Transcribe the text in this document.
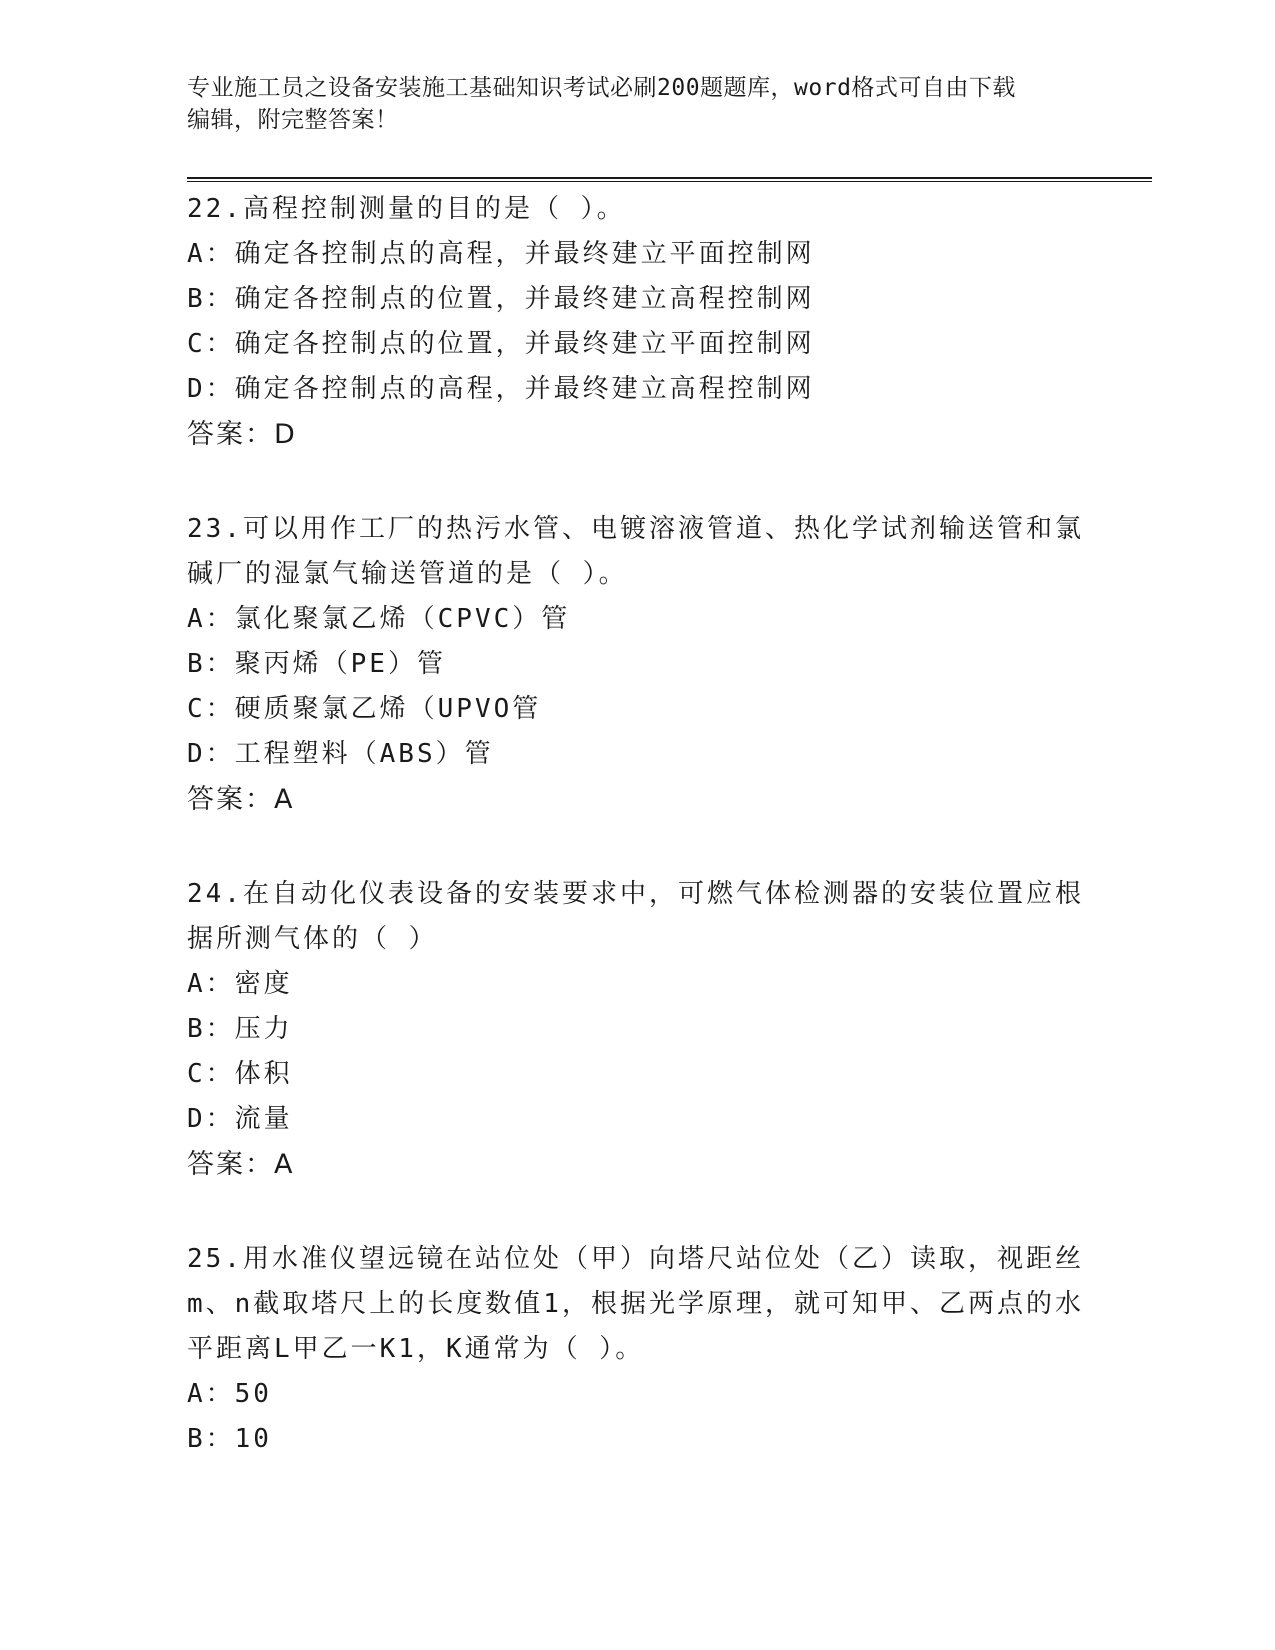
专业施工员之设备安装施工基础知识考试必刷200题题库，word格式可自由下载
编辑，附完整答案！
22.高程控制测量的目的是（ ）。
A：确定各控制点的高程，并最终建立平面控制网
B：确定各控制点的位置，并最终建立高程控制网
C：确定各控制点的位置，并最终建立平面控制网
D：确定各控制点的高程，并最终建立高程控制网
答案：D
23.可以用作工厂的热污水管、电镀溶液管道、热化学试剂输送管和氯碱厂的湿氯气输送管道的是（ ）。
A：氯化聚氯乙烯（CPVC）管
B：聚丙烯（PE）管
C：硬质聚氯乙烯（UPVO管
D：工程塑料（ABS）管
答案：A
24.在自动化仪表设备的安装要求中，可燃气体检测器的安装位置应根据所测气体的（ ）
A：密度
B：压力
C：体积
D：流量
答案：A
25.用水准仪望远镜在站位处（甲）向塔尺站位处（乙）读取，视距丝m、n截取塔尺上的长度数值1，根据光学原理，就可知甲、乙两点的水平距离L甲乙一K1，K通常为（ ）。
A：50
B：10
